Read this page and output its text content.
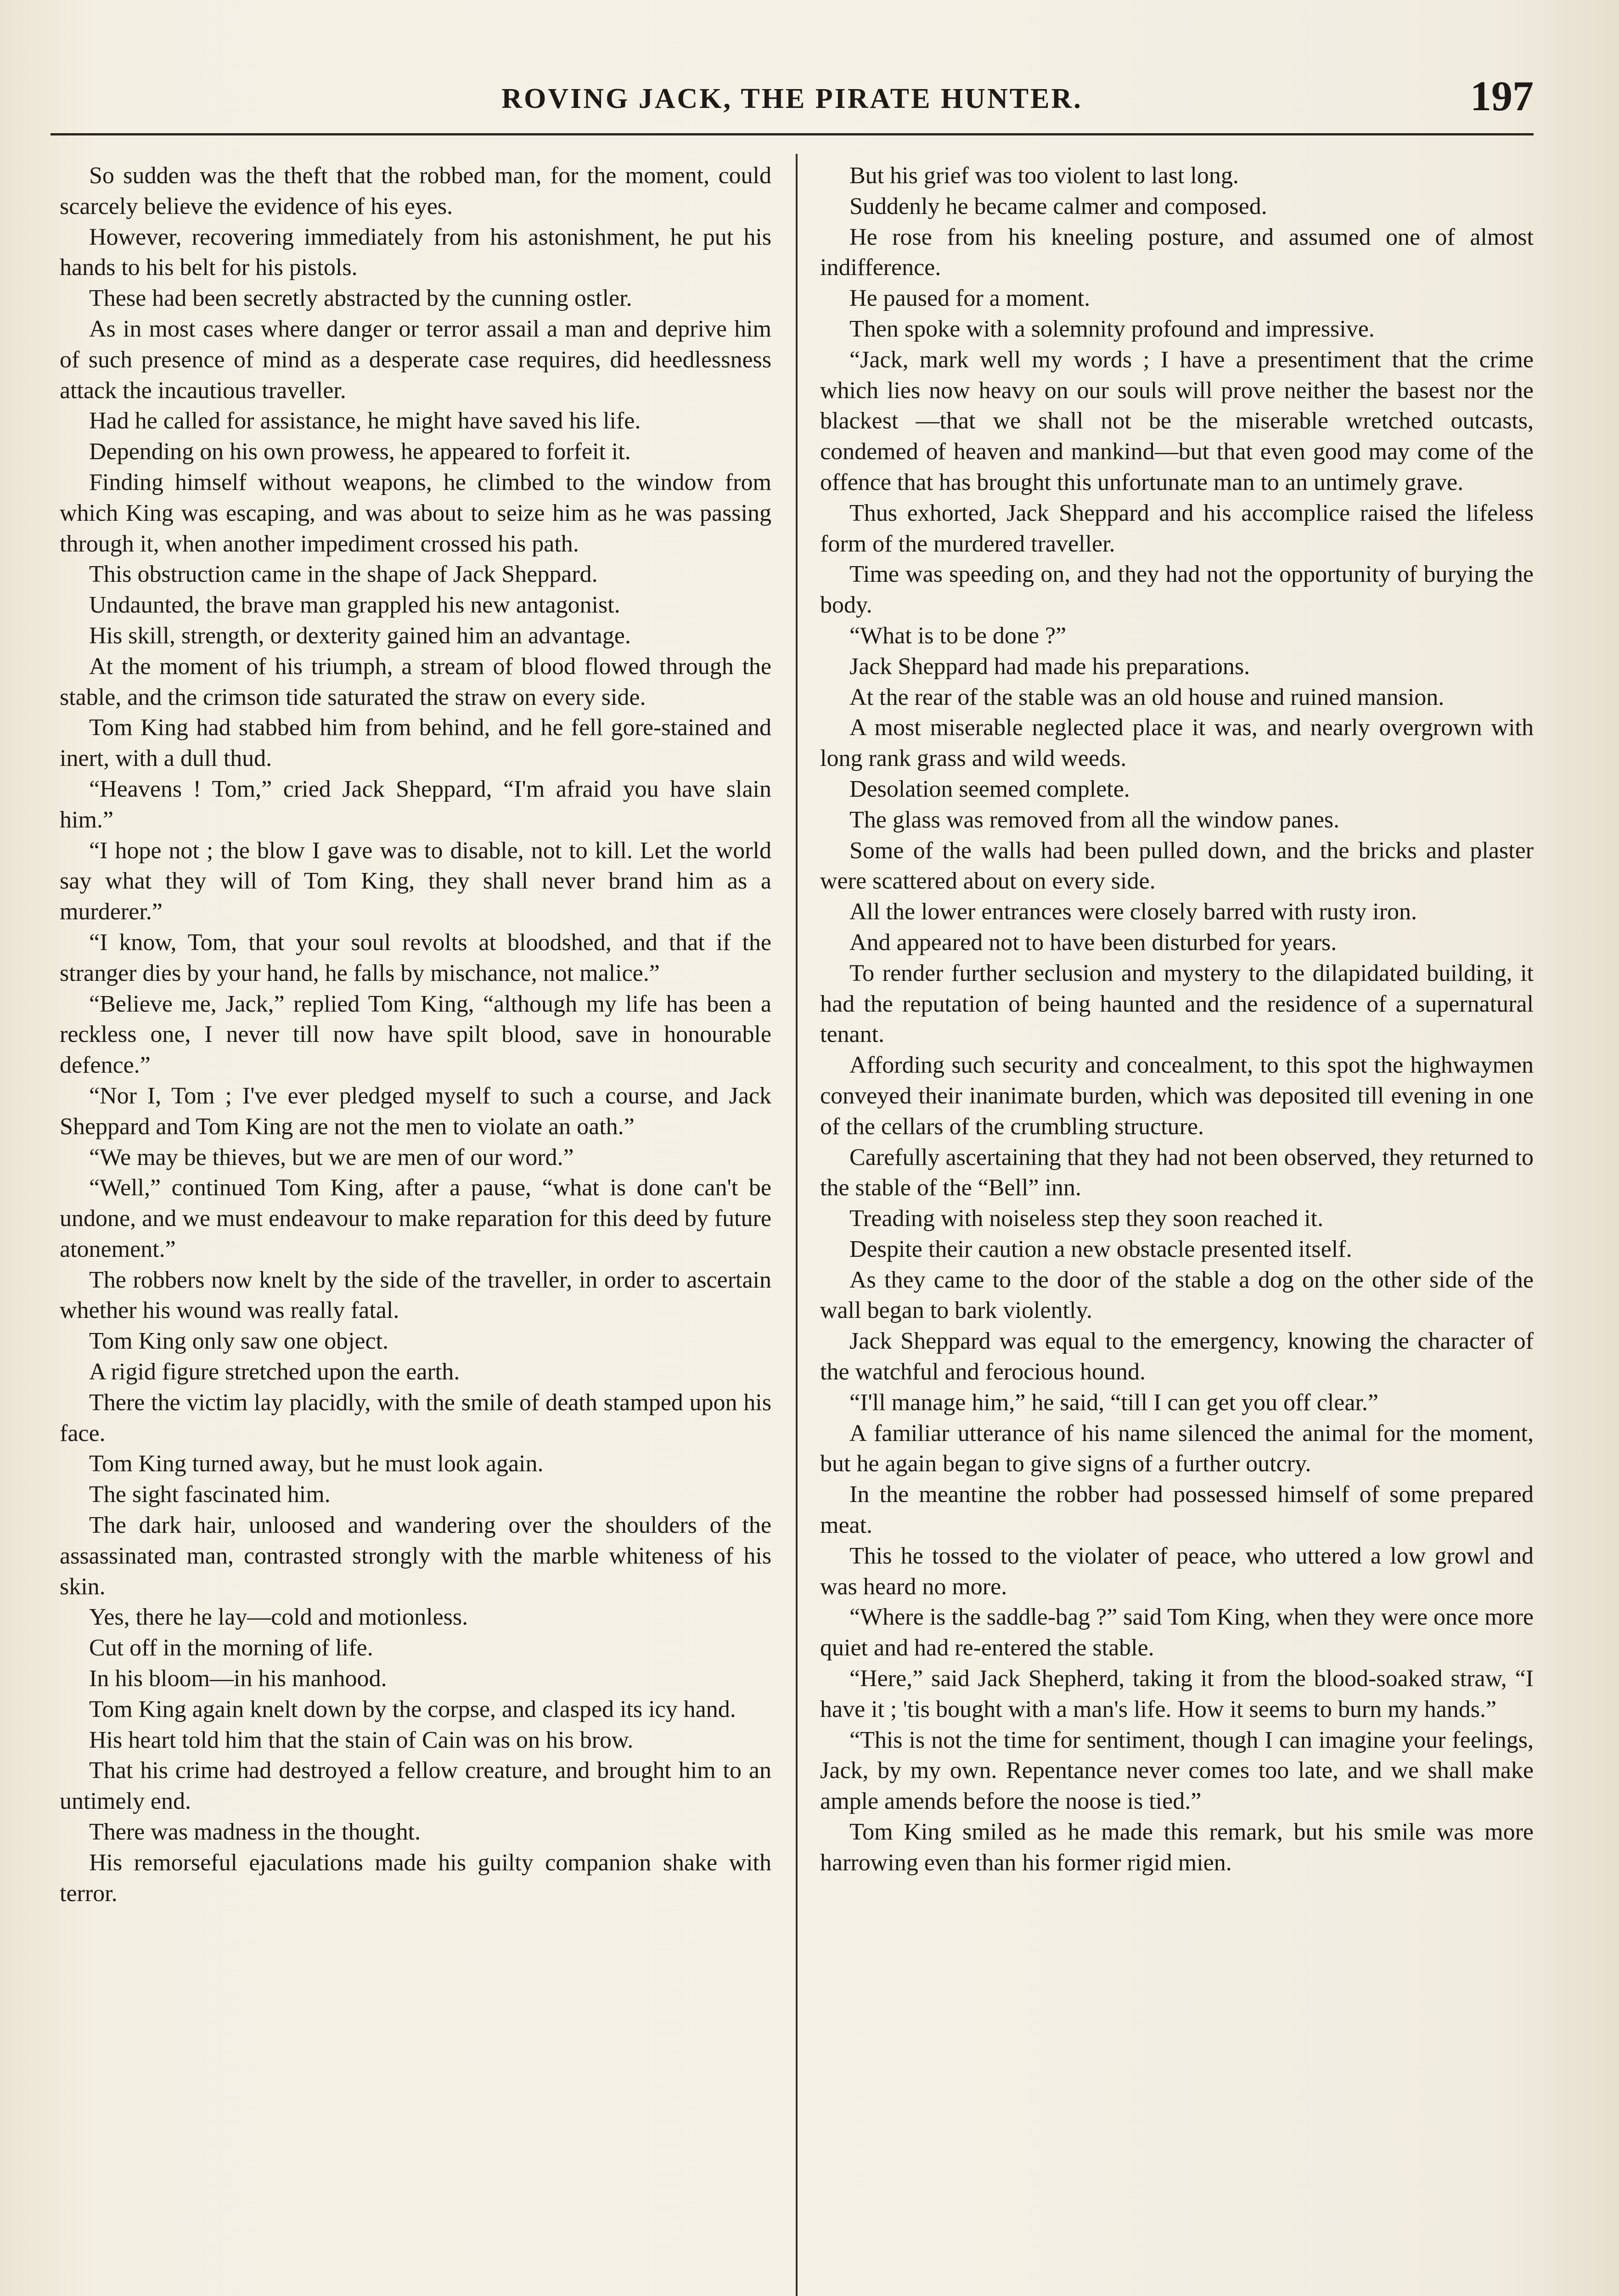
ROVING JACK, THE PIRATE HUNTER.	197

So sudden was the theft that the robbed man, for the moment, could scarcely believe the evidence of his eyes.

However, recovering immediately from his astonishment, he put his hands to his belt for his pistols.

These had been secretly abstracted by the cunning ostler.

As in most cases where danger or terror assail a man and deprive him of such presence of mind as a desperate case requires, did heedlessness attack the incautious traveller.

Had he called for assistance, he might have saved his life.

Depending on his own prowess, he appeared to forfeit it.

Finding himself without weapons, he climbed to the window from which King was escaping, and was about to seize him as he was passing through it, when another impediment crossed his path.

This obstruction came in the shape of Jack Sheppard.

Undaunted, the brave man grappled his new antagonist.

His skill, strength, or dexterity gained him an advantage.

At the moment of his triumph, a stream of blood flowed through the stable, and the crimson tide saturated the straw on every side.

Tom King had stabbed him from behind, and he fell gore-stained and inert, with a dull thud.

“Heavens ! Tom,” cried Jack Sheppard, “I'm afraid you have slain him.”

“I hope not ; the blow I gave was to disable, not to kill. Let the world say what they will of Tom King, they shall never brand him as a murderer.”

“I know, Tom, that your soul revolts at bloodshed, and that if the stranger dies by your hand, he falls by mischance, not malice.”

“Believe me, Jack,” replied Tom King, “although my life has been a reckless one, I never till now have spilt blood, save in honourable defence.”

“Nor I, Tom ; I've ever pledged myself to such a course, and Jack Sheppard and Tom King are not the men to violate an oath.”

“We may be thieves, but we are men of our word.”

“Well,” continued Tom King, after a pause, “what is done can't be undone, and we must endeavour to make reparation for this deed by future atonement.”

The robbers now knelt by the side of the traveller, in order to ascertain whether his wound was really fatal.

Tom King only saw one object.

A rigid figure stretched upon the earth.

There the victim lay placidly, with the smile of death stamped upon his face.

Tom King turned away, but he must look again.

The sight fascinated him.

The dark hair, unloosed and wandering over the shoulders of the assassinated man, contrasted strongly with the marble whiteness of his skin.

Yes, there he lay—cold and motionless.

Cut off in the morning of life.

In his bloom—in his manhood.

Tom King again knelt down by the corpse, and clasped its icy hand.

His heart told him that the stain of Cain was on his brow.

That his crime had destroyed a fellow creature, and brought him to an untimely end.

There was madness in the thought.

His remorseful ejaculations made his guilty companion shake with terror.

But his grief was too violent to last long.

Suddenly he became calmer and composed.

He rose from his kneeling posture, and assumed one of almost indifference.

He paused for a moment.

Then spoke with a solemnity profound and impressive.

“Jack, mark well my words ; I have a presentiment that the crime which lies now heavy on our souls will prove neither the basest nor the blackest —that we shall not be the miserable wretched outcasts, condemed of heaven and mankind—but that even good may come of the offence that has brought this unfortunate man to an untimely grave.

Thus exhorted, Jack Sheppard and his accomplice raised the lifeless form of the murdered traveller.

Time was speeding on, and they had not the opportunity of burying the body.

“What is to be done ?”

Jack Sheppard had made his preparations.

At the rear of the stable was an old house and ruined mansion.

A most miserable neglected place it was, and nearly overgrown with long rank grass and wild weeds.

Desolation seemed complete.

The glass was removed from all the window panes.

Some of the walls had been pulled down, and the bricks and plaster were scattered about on every side.

All the lower entrances were closely barred with rusty iron.

And appeared not to have been disturbed for years.

To render further seclusion and mystery to the dilapidated building, it had the reputation of being haunted and the residence of a supernatural tenant.

Affording such security and concealment, to this spot the highwaymen conveyed their inanimate burden, which was deposited till evening in one of the cellars of the crumbling structure.

Carefully ascertaining that they had not been observed, they returned to the stable of the “Bell” inn.

Treading with noiseless step they soon reached it.

Despite their caution a new obstacle presented itself.

As they came to the door of the stable a dog on the other side of the wall began to bark violently.

Jack Sheppard was equal to the emergency, knowing the character of the watchful and ferocious hound.

“I'll manage him,” he said, “till I can get you off clear.”

A familiar utterance of his name silenced the animal for the moment, but he again began to give signs of a further outcry.

In the meantine the robber had possessed himself of some prepared meat.

This he tossed to the violater of peace, who uttered a low growl and was heard no more.

“Where is the saddle-bag ?” said Tom King, when they were once more quiet and had re-entered the stable.

“Here,” said Jack Shepherd, taking it from the blood-soaked straw, “I have it ; 'tis bought with a man's life. How it seems to burn my hands.”

“This is not the time for sentiment, though I can imagine your feelings, Jack, by my own. Repentance never comes too late, and we shall make ample amends before the noose is tied.”

Tom King smiled as he made this remark, but his smile was more harrowing even than his former rigid mien.
